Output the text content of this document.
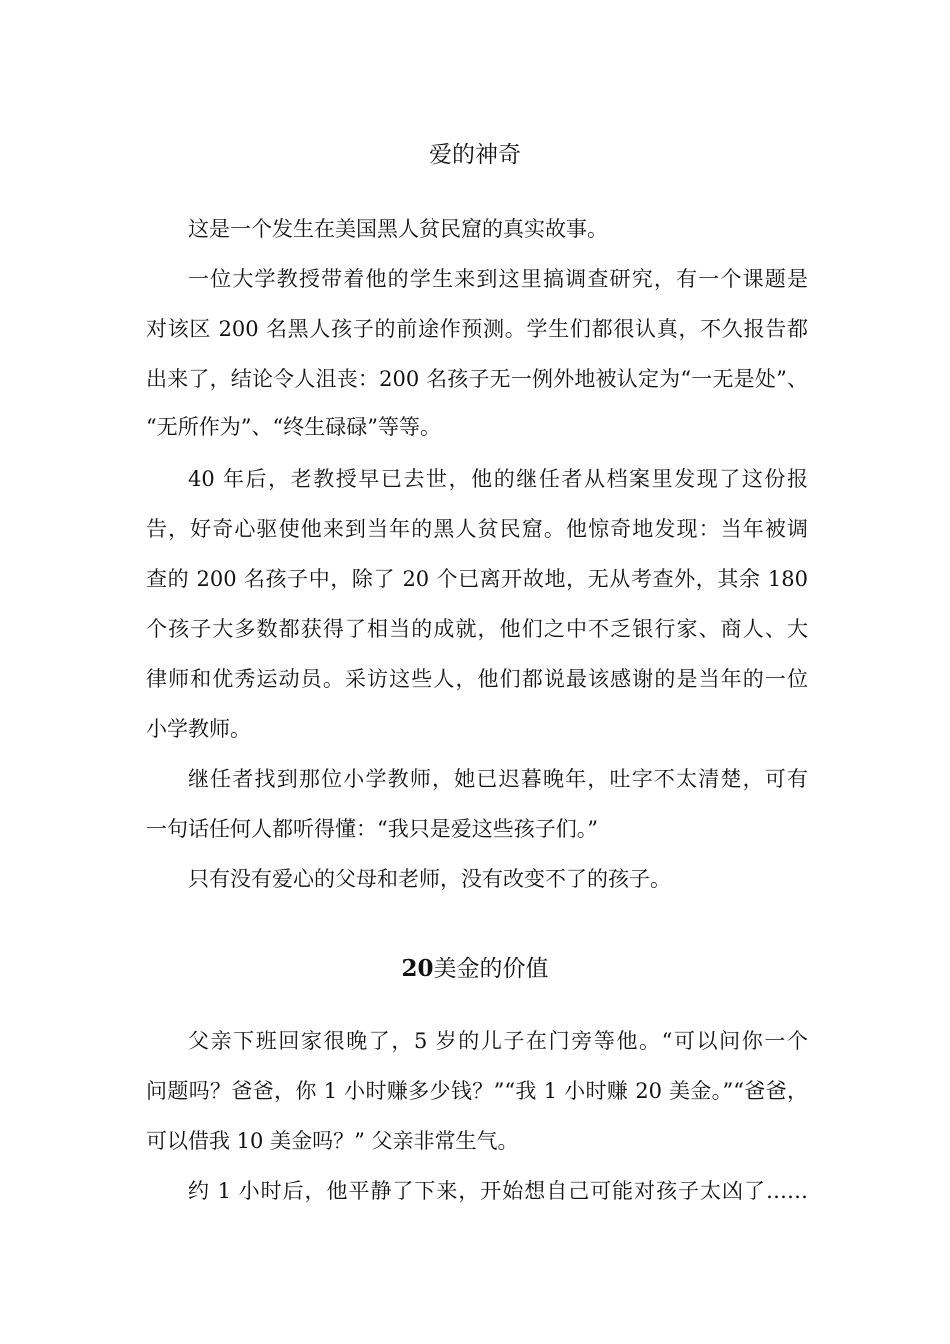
爱的神奇

这是一个发生在美国黑人贫民窟的真实故事。

一位大学教授带着他的学生来到这里搞调查研究，有一个课题是

对该区 200 名黑人孩子的前途作预测。学生们都很认真，不久报告都

出来了，结论令人沮丧：200 名孩子无一例外地被认定为“一无是处”、

“无所作为”、“终生碌碌”等等。

40 年后，老教授早已去世，他的继任者从档案里发现了这份报

告，好奇心驱使他来到当年的黑人贫民窟。他惊奇地发现：当年被调

查的 200 名孩子中，除了 20 个已离开故地，无从考查外，其余 180

个孩子大多数都获得了相当的成就，他们之中不乏银行家、商人、大

律师和优秀运动员。采访这些人，他们都说最该感谢的是当年的一位

小学教师。

继任者找到那位小学教师，她已迟暮晚年，吐字不太清楚，可有

一句话任何人都听得懂：“我只是爱这些孩子们。”

只有没有爱心的父母和老师，没有改变不了的孩子。

20美金的价值

父亲下班回家很晚了，5 岁的儿子在门旁等他。“可以问你一个

问题吗？爸爸，你 1 小时赚多少钱？”“我 1 小时赚 20 美金。”“爸爸，

可以借我 10 美金吗？” 父亲非常生气。

约 1 小时后，他平静了下来，开始想自己可能对孩子太凶了……
